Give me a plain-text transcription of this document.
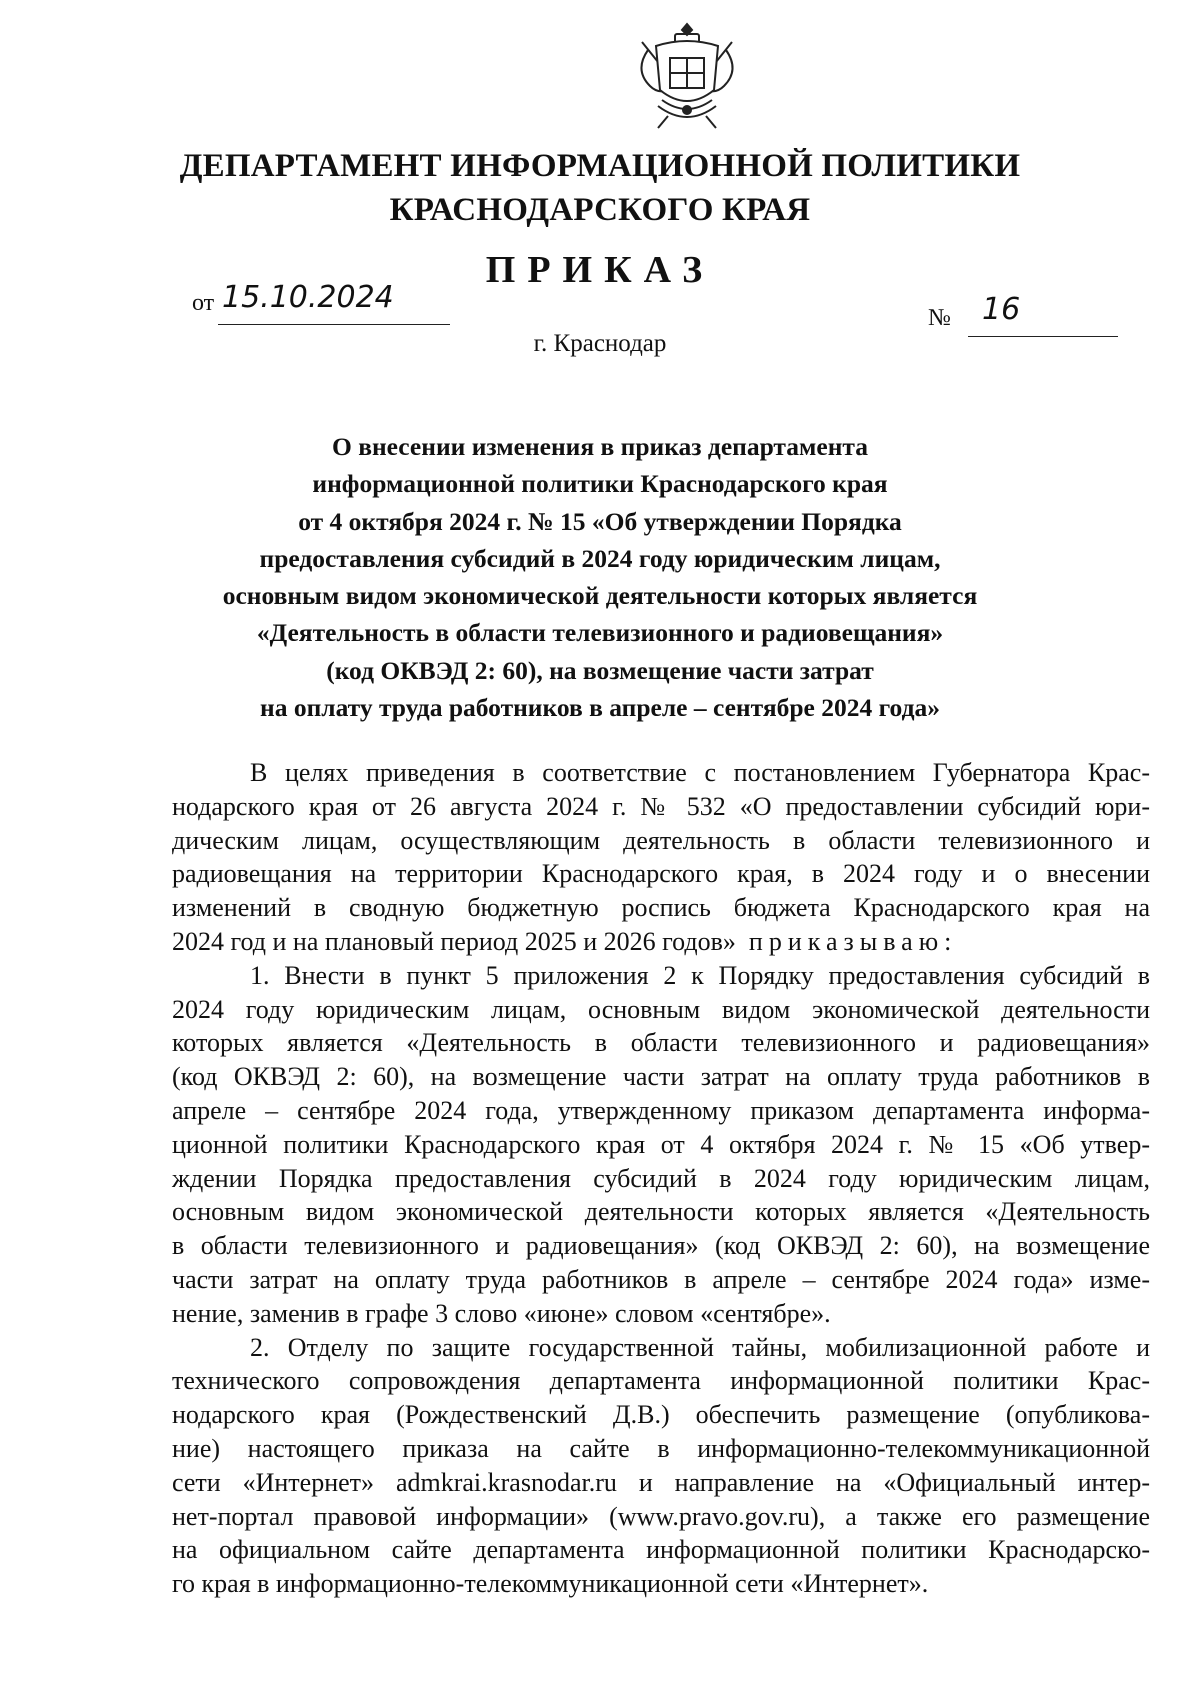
ДЕПАРТАМЕНТ ИНФОРМАЦИОННОЙ ПОЛИТИКИ
КРАСНОДАРСКОГО КРАЯ
ПРИКАЗ
от 15.10.2024
№ 16
г. Краснодар
О внесении изменения в приказ департамента
информационной политики Краснодарского края
от 4 октября 2024 г. № 15 «Об утверждении Порядка
предоставления субсидий в 2024 году юридическим лицам,
основным видом экономической деятельности которых является
«Деятельность в области телевизионного и радиовещания»
(код ОКВЭД 2: 60), на возмещение части затрат
на оплату труда работников в апреле – сентябре 2024 года»
В целях приведения в соответствие с постановлением Губернатора Крас-
нодарского края от 26 августа 2024 г. № 532 «О предоставлении субсидий юри-
дическим лицам, осуществляющим деятельность в области телевизионного и
радиовещания на территории Краснодарского края, в 2024 году и о внесении
изменений в сводную бюджетную роспись бюджета Краснодарского края на
2024 год и на плановый период 2025 и 2026 годов» приказываю:
1. Внести в пункт 5 приложения 2 к Порядку предоставления субсидий в
2024 году юридическим лицам, основным видом экономической деятельности
которых является «Деятельность в области телевизионного и радиовещания»
(код ОКВЭД 2: 60), на возмещение части затрат на оплату труда работников в
апреле – сентябре 2024 года, утвержденному приказом департамента информа-
ционной политики Краснодарского края от 4 октября 2024 г. № 15 «Об утвер-
ждении Порядка предоставления субсидий в 2024 году юридическим лицам,
основным видом экономической деятельности которых является «Деятельность
в области телевизионного и радиовещания» (код ОКВЭД 2: 60), на возмещение
части затрат на оплату труда работников в апреле – сентябре 2024 года» изме-
нение, заменив в графе 3 слово «июне» словом «сентябре».
2. Отделу по защите государственной тайны, мобилизационной работе и
технического сопровождения департамента информационной политики Крас-
нодарского края (Рождественский Д.В.) обеспечить размещение (опубликова-
ние) настоящего приказа на сайте в информационно-телекоммуникационной
сети «Интернет» admkrai.krasnodar.ru и направление на «Официальный интер-
нет-портал правовой информации» (www.pravo.gov.ru), а также его размещение
на официальном сайте департамента информационной политики Краснодарско-
го края в информационно-телекоммуникационной сети «Интернет».
